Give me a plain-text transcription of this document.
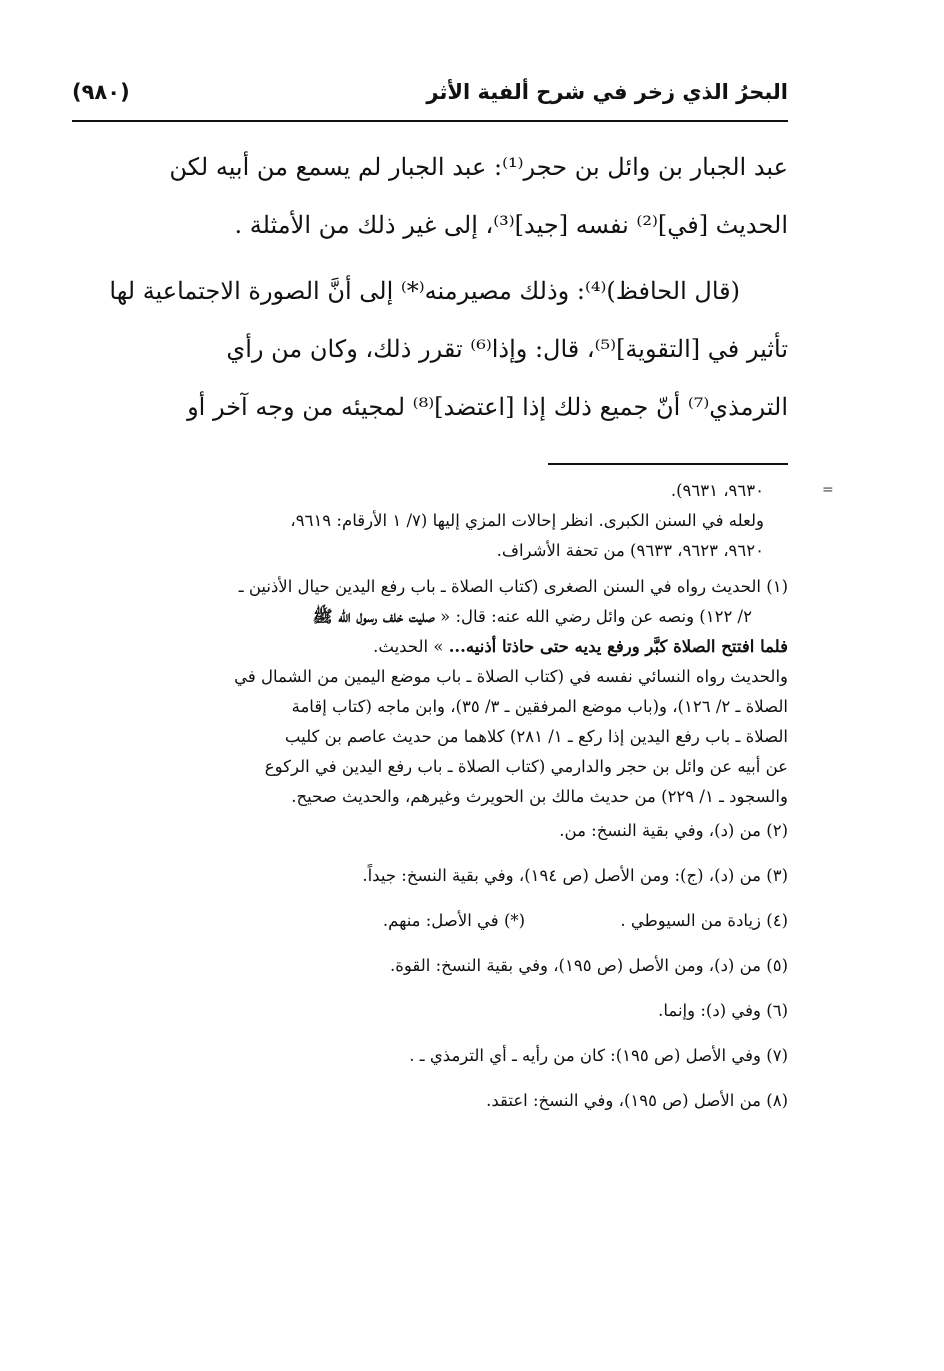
البحرُ الذي زخر في شرح ألفية الأثر
(٩٨٠)

عبد الجبار بن وائل بن حجر⁽¹⁾: عبد الجبار لم يسمع من أبيه لكن
الحديث [في]⁽²⁾ نفسه [جيد]⁽³⁾، إلى غير ذلك من الأمثلة .

(قال الحافظ)⁽⁴⁾: وذلك مصيرمنه⁽*⁾ إلى أنَّ الصورة الاجتماعية لها
تأثير في [التقوية]⁽⁵⁾، قال: وإذا⁽⁶⁾ تقرر ذلك، وكان من رأي
الترمذي⁽⁷⁾ أنّ جميع ذلك إذا [اعتضد]⁽⁸⁾ لمجيئه من وجه آخر أو

٩٦٣٠، ٩٦٣١).
ولعله في السنن الكبرى. انظر إحالات المزي إليها (٧/ ١ الأرقام: ٩٦١٩،
٩٦٢٠، ٩٦٢٣، ٩٦٣٣) من تحفة الأشراف.

(١) الحديث رواه في السنن الصغرى (كتاب الصلاة ـ باب رفع اليدين حيال الأذنين ـ
٢/ ١٢٢) ونصه عن وائل رضي الله عنه: قال: « صليت خلف رسول الله ﷺ
فلما افتتح الصلاة كبَّر ورفع يديه حتى حاذتا أذنيه... » الحديث.

والحديث رواه النسائي نفسه في (كتاب الصلاة ـ باب موضع اليمين من الشمال في
الصلاة ـ ٢/ ١٢٦)، و(باب موضع المرفقين ـ ٣/ ٣٥)، وابن ماجه (كتاب إقامة
الصلاة ـ باب رفع اليدين إذا ركع ـ ١/ ٢٨١) كلاهما من حديث عاصم بن كليب
عن أبيه عن وائل بن حجر والدارمي (كتاب الصلاة ـ باب رفع اليدين في الركوع
والسجود ـ ١/ ٢٢٩) من حديث مالك بن الحويرث وغيرهم، والحديث صحيح.

(٢) من (د)، وفي بقية النسخ: من.

(٣) من (د)، (ج): ومن الأصل (ص ١٩٤)، وفي بقية النسخ: جيداً.

(٤) زيادة من السيوطي . (*) في الأصل: منهم.

(٥) من (د)، ومن الأصل (ص ١٩٥)، وفي بقية النسخ: القوة.

(٦) وفي (د): وإنما.

(٧) وفي الأصل (ص ١٩٥): كان من رأيه ـ أي الترمذي ـ .

(٨) من الأصل (ص ١٩٥)، وفي النسخ: اعتقد.

=
